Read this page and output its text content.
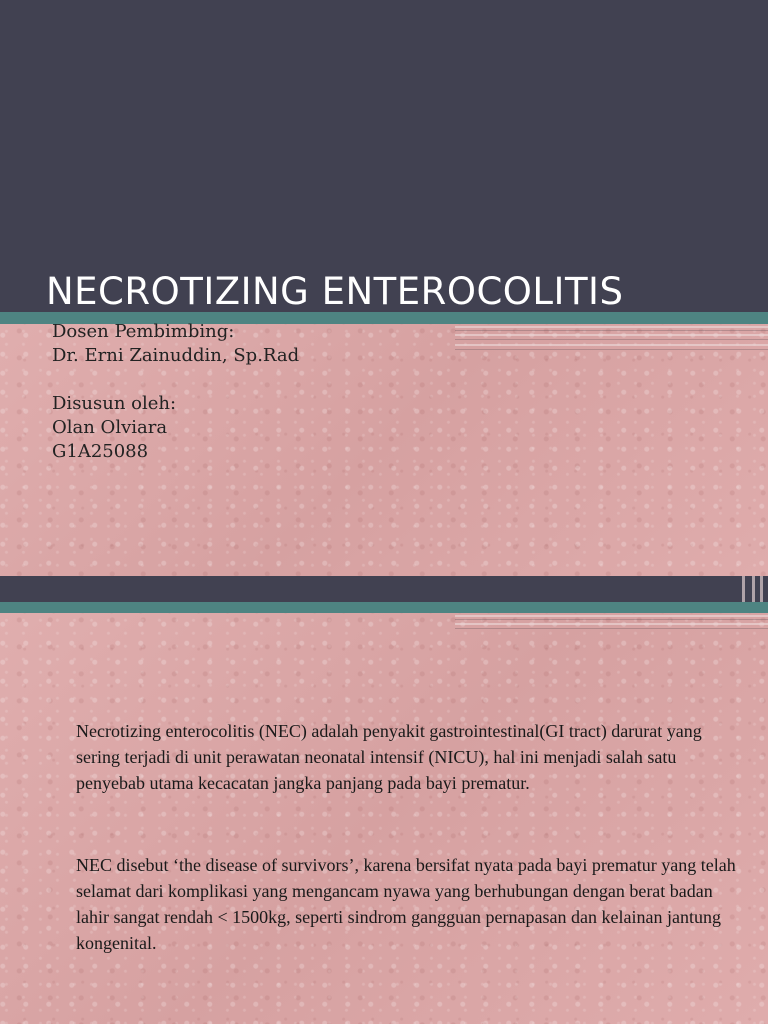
NECROTIZING ENTEROCOLITIS
Dosen Pembimbing:
Dr. Erni Zainuddin, Sp.Rad
Disusun oleh:
Olan Olviara
G1A25088

Necrotizing enterocolitis (NEC) adalah penyakit gastrointestinal(GI tract) darurat yang sering terjadi di unit perawatan neonatal intensif (NICU), hal ini menjadi salah satu penyebab utama kecacatan jangka panjang pada bayi prematur.

NEC disebut ‘the disease of survivors’, karena bersifat nyata pada bayi prematur yang telah selamat dari komplikasi yang mengancam nyawa yang berhubungan dengan berat badan lahir sangat rendah < 1500kg, seperti sindrom gangguan pernapasan dan kelainan jantung kongenital.
